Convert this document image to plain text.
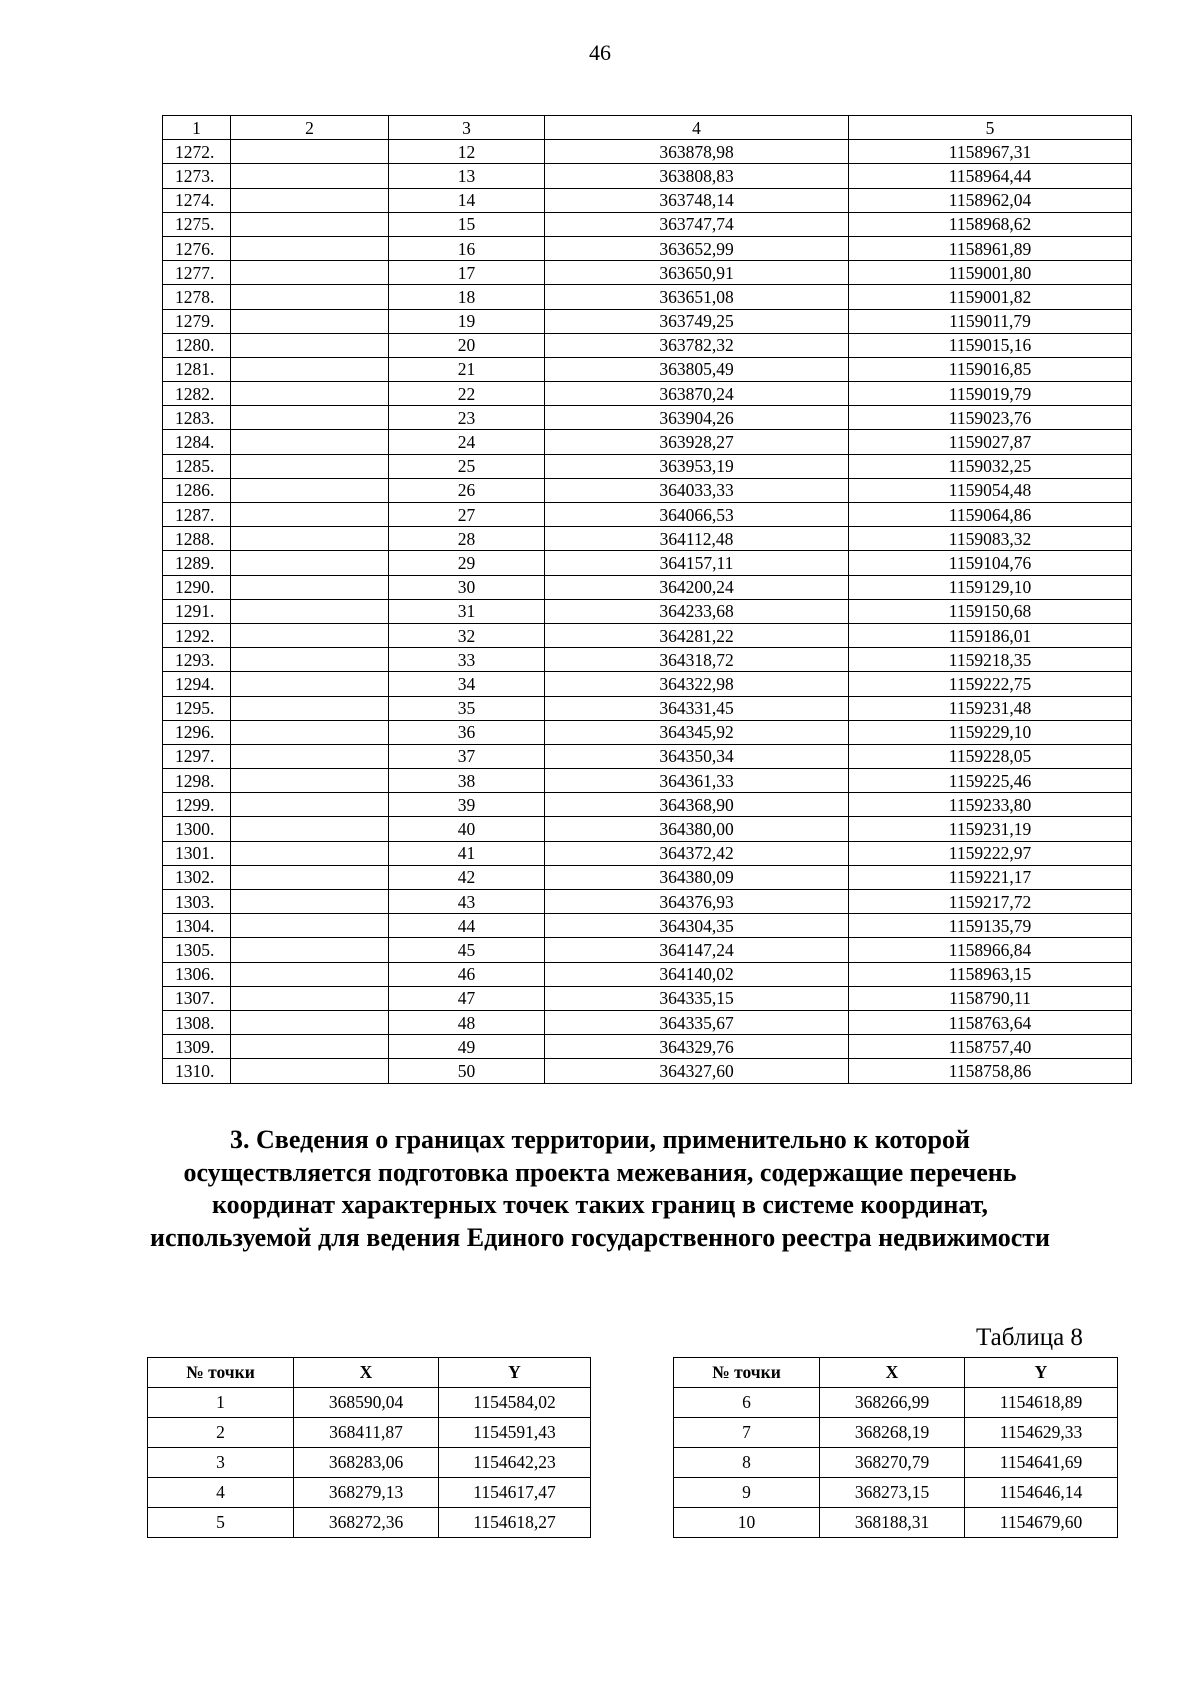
46
1	2	3	4	5
1272.		12	363878,98	1158967,31
1273.		13	363808,83	1158964,44
1274.		14	363748,14	1158962,04
1275.		15	363747,74	1158968,62
1276.		16	363652,99	1158961,89
1277.		17	363650,91	1159001,80
1278.		18	363651,08	1159001,82
1279.		19	363749,25	1159011,79
1280.		20	363782,32	1159015,16
1281.		21	363805,49	1159016,85
1282.		22	363870,24	1159019,79
1283.		23	363904,26	1159023,76
1284.		24	363928,27	1159027,87
1285.		25	363953,19	1159032,25
1286.		26	364033,33	1159054,48
1287.		27	364066,53	1159064,86
1288.		28	364112,48	1159083,32
1289.		29	364157,11	1159104,76
1290.		30	364200,24	1159129,10
1291.		31	364233,68	1159150,68
1292.		32	364281,22	1159186,01
1293.		33	364318,72	1159218,35
1294.		34	364322,98	1159222,75
1295.		35	364331,45	1159231,48
1296.		36	364345,92	1159229,10
1297.		37	364350,34	1159228,05
1298.		38	364361,33	1159225,46
1299.		39	364368,90	1159233,80
1300.		40	364380,00	1159231,19
1301.		41	364372,42	1159222,97
1302.		42	364380,09	1159221,17
1303.		43	364376,93	1159217,72
1304.		44	364304,35	1159135,79
1305.		45	364147,24	1158966,84
1306.		46	364140,02	1158963,15
1307.		47	364335,15	1158790,11
1308.		48	364335,67	1158763,64
1309.		49	364329,76	1158757,40
1310.		50	364327,60	1158758,86
3. Сведения о границах территории, применительно к которой осуществляется подготовка проекта межевания, содержащие перечень координат характерных точек таких границ в системе координат, используемой для ведения Единого государственного реестра недвижимости
Таблица 8
№ точки	X	Y
1	368590,04	1154584,02
2	368411,87	1154591,43
3	368283,06	1154642,23
4	368279,13	1154617,47
5	368272,36	1154618,27
№ точки	X	Y
6	368266,99	1154618,89
7	368268,19	1154629,33
8	368270,79	1154641,69
9	368273,15	1154646,14
10	368188,31	1154679,60
